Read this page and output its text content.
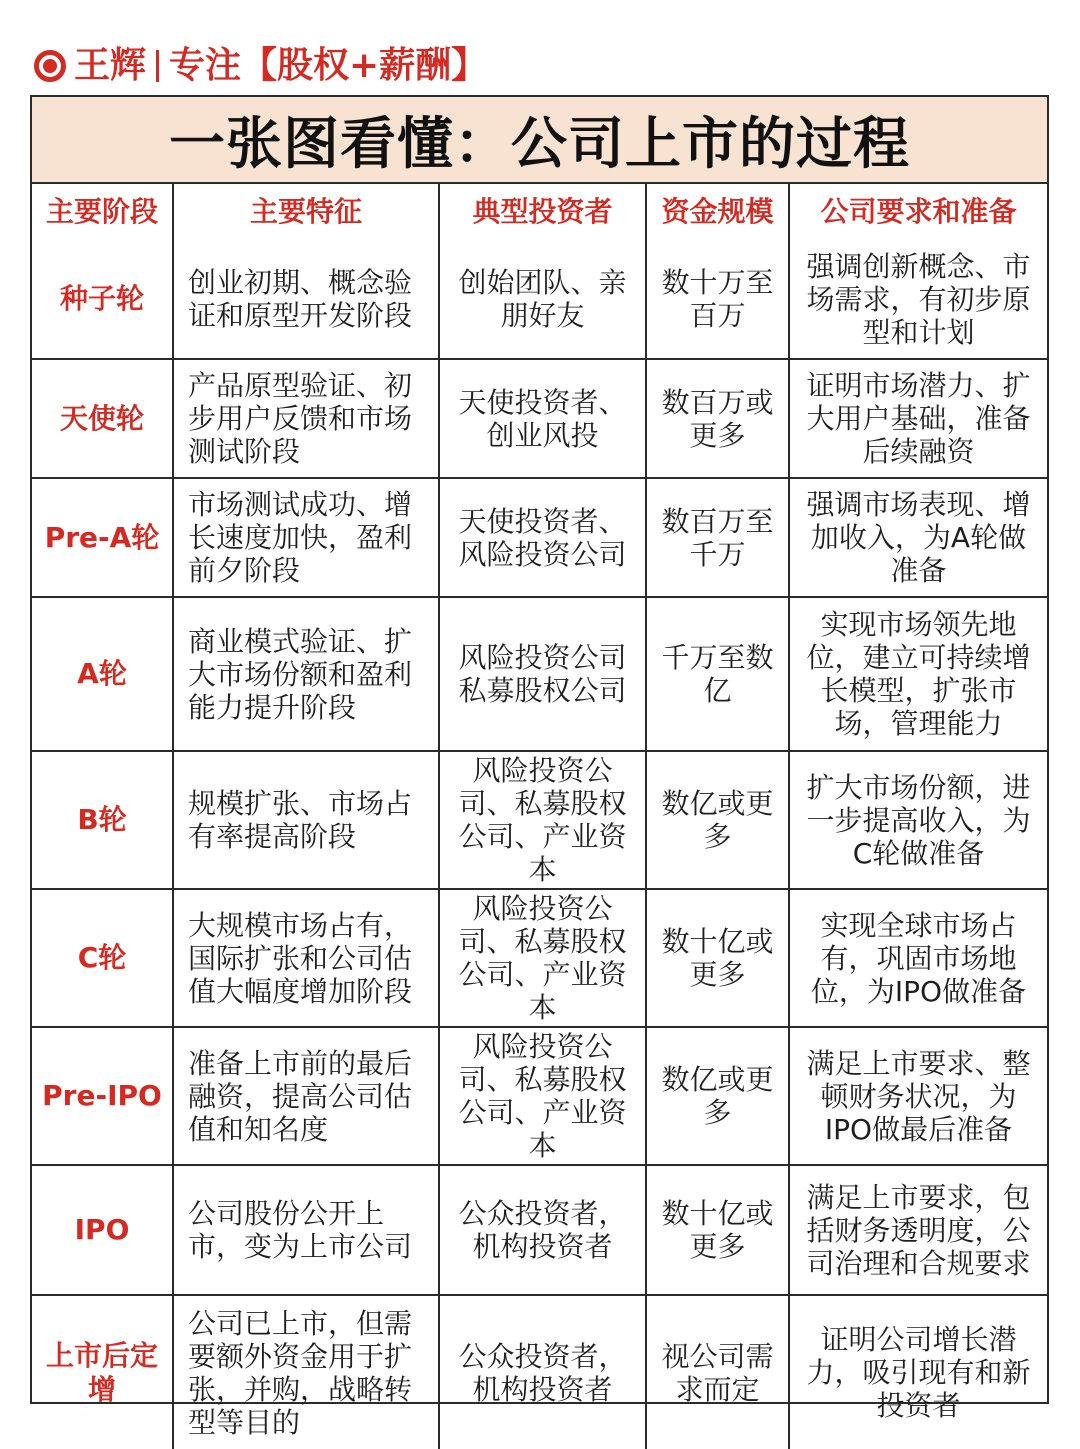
王辉 专注【股权+薪酬】
一张图看懂：公司上市的过程
主要阶段	主要特征	典型投资者	资金规模	公司要求和准备
种子轮	创业初期、概念验证和原型开发阶段	创始团队、亲朋好友	数十万至百万	强调创新概念、市场需求，有初步原型和计划
天使轮	产品原型验证、初步用户反馈和市场测试阶段	天使投资者、创业风投	数百万或更多	证明市场潜力、扩大用户基础，准备后续融资
Pre-A轮	市场测试成功、增长速度加快，盈利前夕阶段	天使投资者、风险投资公司	数百万至千万	强调市场表现、增加收入，为A轮做准备
A轮	商业模式验证、扩大市场份额和盈利能力提升阶段	风险投资公司私募股权公司	千万至数亿	实现市场领先地位，建立可持续增长模型，扩张市场，管理能力
B轮	规模扩张、市场占有率提高阶段	风险投资公司、私募股权公司、产业资本	数亿或更多	扩大市场份额，进一步提高收入，为C轮做准备
C轮	大规模市场占有，国际扩张和公司估值大幅度增加阶段	风险投资公司、私募股权公司、产业资本	数十亿或更多	实现全球市场占有，巩固市场地位，为IPO做准备
Pre-IPO	准备上市前的最后融资，提高公司估值和知名度	风险投资公司、私募股权公司、产业资本	数亿或更多	满足上市要求、整顿财务状况，为IPO做最后准备
IPO	公司股份公开上市，变为上市公司	公众投资者，机构投资者	数十亿或更多	满足上市要求，包括财务透明度，公司治理和合规要求
上市后定增	公司已上市，但需要额外资金用于扩张，并购，战略转型等目的	公众投资者，机构投资者	视公司需求而定	证明公司增长潜力，吸引现有和新投资者
